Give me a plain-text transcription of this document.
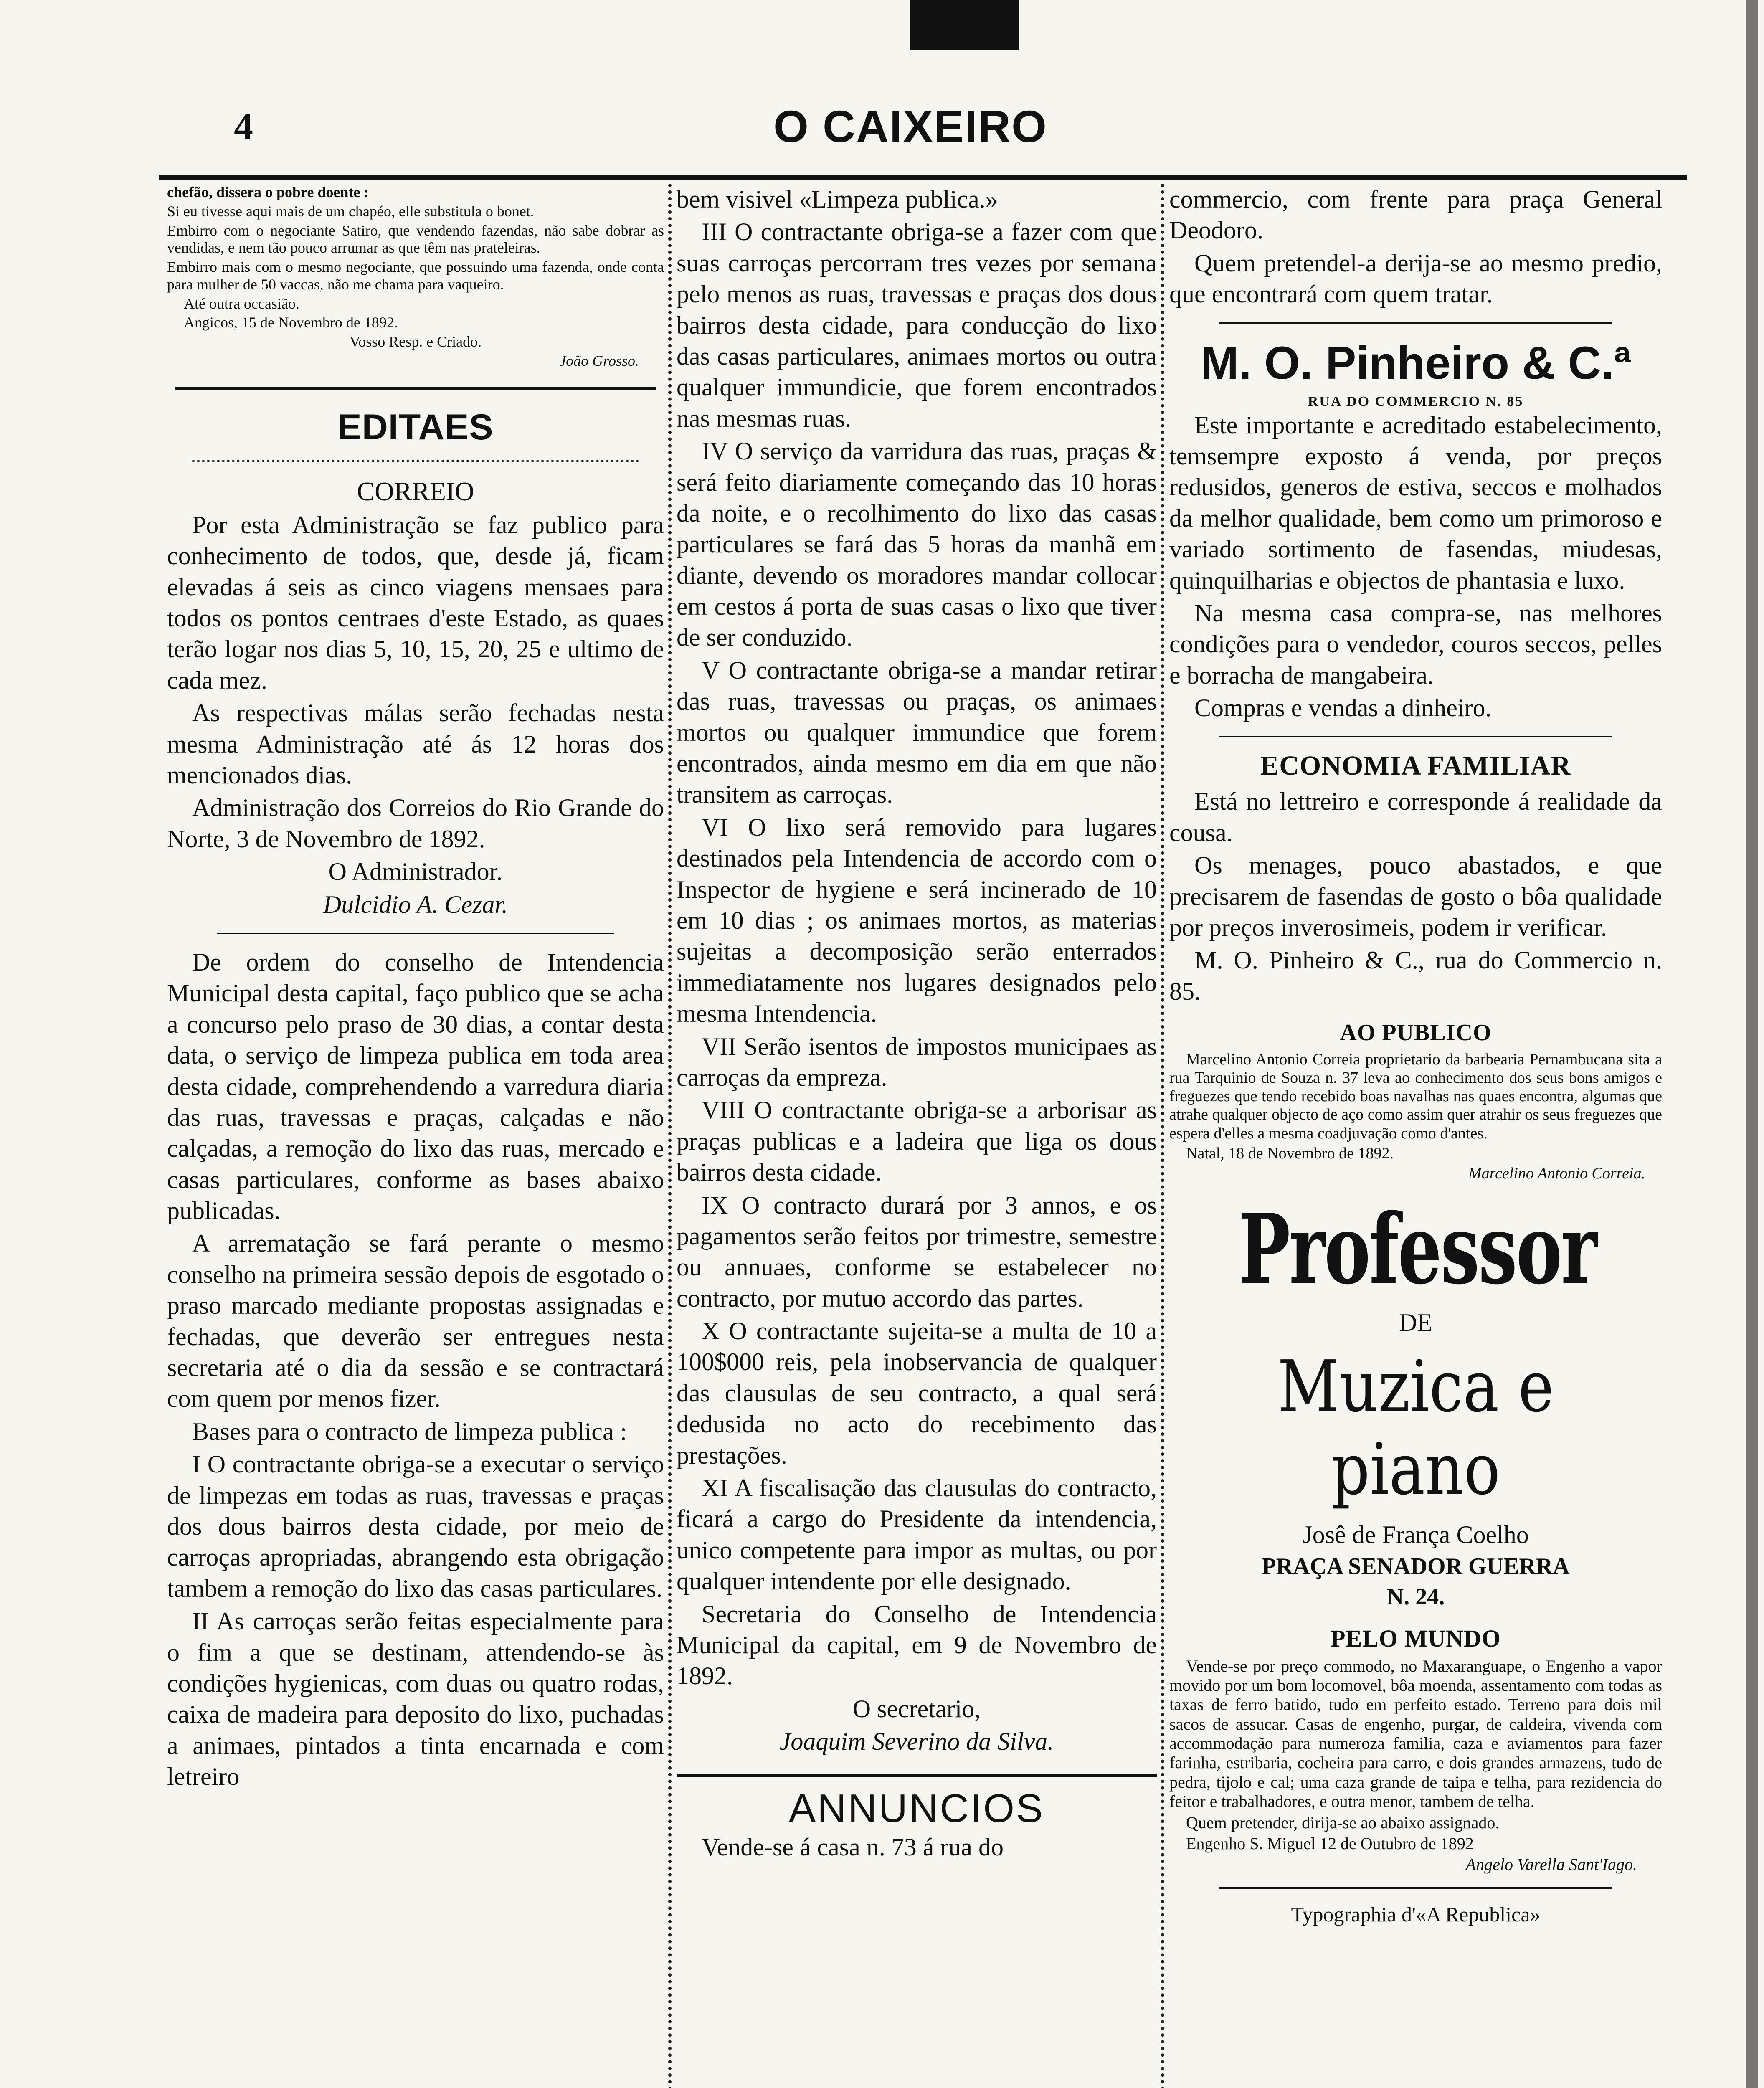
4	O CAIXEIRO

chefão, dissera o pobre doente :

Si eu tivesse aqui mais de um chapéo, elle substitula o bonet.

Embirro com o negociante Satiro, que vendendo fazendas, não sabe dobrar as vendidas, e nem tão pouco arrumar as que têm nas prateleiras.

Embirro mais com o mesmo negociante, que possuindo uma fazenda, onde conta para mulher de 50 vaccas, não me chama para vaqueiro.

Até outra occasião.

Angicos, 15 de Novembro de 1892.

Vosso Resp. e Criado.

João Grosso.

EDITAES

CORREIO

Por esta Administração se faz publico para conhecimento de todos, que, desde já, ficam elevadas á seis as cinco viagens mensaes para todos os pontos centraes d'este Estado, as quaes terão logar nos dias 5, 10, 15, 20, 25 e ultimo de cada mez.

As respectivas málas serão fechadas nesta mesma Administração até ás 12 horas dos mencionados dias.

Administração dos Correios do Rio Grande do Norte, 3 de Novembro de 1892.

O Administrador.

Dulcidio A. Cezar.

De ordem do conselho de Intendencia Municipal desta capital, faço publico que se acha a concurso pelo praso de 30 dias, a contar desta data, o serviço de limpeza publica em toda area desta cidade, comprehendendo a varredura diaria das ruas, travessas e praças, calçadas e não calçadas, a remoção do lixo das ruas, mercado e casas particulares, conforme as bases abaixo publicadas.

A arrematação se fará perante o mesmo conselho na primeira sessão depois de esgotado o praso marcado mediante propostas assignadas e fechadas, que deverão ser entregues nesta secretaria até o dia da sessão e se contractará com quem por menos fizer.

Bases para o contracto de limpeza publica :

I O contractante obriga-se a executar o serviço de limpezas em todas as ruas, travessas e praças dos dous bairros desta cidade, por meio de carroças apropriadas, abrangendo esta obrigação tambem a remoção do lixo das casas particulares.

II As carroças serão feitas especialmente para o fim a que se destinam, attendendo-se às condições hygienicas, com duas ou quatro rodas, caixa de madeira para deposito do lixo, puchadas a animaes, pintados a tinta encarnada e com letreiro

bem visivel «Limpeza publica.»

III O contractante obriga-se a fazer com que suas carroças percorram tres vezes por semana pelo menos as ruas, travessas e praças dos dous bairros desta cidade, para conducção do lixo das casas particulares, animaes mortos ou outra qualquer immundicie, que forem encontrados nas mesmas ruas.

IV O serviço da varridura das ruas, praças & será feito diariamente começando das 10 horas da noite, e o recolhimento do lixo das casas particulares se fará das 5 horas da manhã em diante, devendo os moradores mandar collocar em cestos á porta de suas casas o lixo que tiver de ser conduzido.

V O contractante obriga-se a mandar retirar das ruas, travessas ou praças, os animaes mortos ou qualquer immundice que forem encontrados, ainda mesmo em dia em que não transitem as carroças.

VI O lixo será removido para lugares destinados pela Intendencia de accordo com o Inspector de hygiene e será incinerado de 10 em 10 dias ; os animaes mortos, as materias sujeitas a decomposição serão enterrados immediatamente nos lugares designados pelo mesma Intendencia.

VII Serão isentos de impostos municipaes as carroças da empreza.

VIII O contractante obriga-se a arborisar as praças publicas e a ladeira que liga os dous bairros desta cidade.

IX O contracto durará por 3 annos, e os pagamentos serão feitos por trimestre, semestre ou annuaes, conforme se estabelecer no contracto, por mutuo accordo das partes.

X O contractante sujeita-se a multa de 10 a 100$000 reis, pela inobservancia de qualquer das clausulas de seu contracto, a qual será dedusida no acto do recebimento das prestações.

XI A fiscalisação das clausulas do contracto, ficará a cargo do Presidente da intendencia, unico competente para impor as multas, ou por qualquer intendente por elle designado.

Secretaria do Conselho de Intendencia Municipal da capital, em 9 de Novembro de 1892.

O secretario,

Joaquim Severino da Silva.

ANNUNCIOS

Vende-se á casa n. 73 á rua do

commercio, com frente para praça General Deodoro.

Quem pretendel-a derija-se ao mesmo predio, que encontrará com quem tratar.

M. O. Pinheiro & C.ª
RUA DO COMMERCIO N. 85

Este importante e acreditado estabelecimento, temsempre exposto á venda, por preços redusidos, generos de estiva, seccos e molhados da melhor qualidade, bem como um primoroso e variado sortimento de fasendas, miudesas, quinquilharias e objectos de phantasia e luxo.

Na mesma casa compra-se, nas melhores condições para o vendedor, couros seccos, pelles e borracha de mangabeira.

Compras e vendas a dinheiro.

ECONOMIA FAMILIAR

Está no lettreiro e corresponde á realidade da cousa.

Os menages, pouco abastados, e que precisarem de fasendas de gosto o bôa qualidade por preços inverosimeis, podem ir verificar.

M. O. Pinheiro & C., rua do Commercio n. 85.

AO PUBLICO

Marcelino Antonio Correia proprietario da barbearia Pernambucana sita a rua Tarquinio de Souza n. 37 leva ao conhecimento dos seus bons amigos e freguezes que tendo recebido boas navalhas nas quaes encontra, algumas que atrahe qualquer objecto de aço como assim quer atrahir os seus freguezes que espera d'elles a mesma coadjuvação como d'antes.

Natal, 18 de Novembro de 1892.

Marcelino Antonio Correia.

Professor
DE
Muzica e piano

Josê de França Coelho

PRAÇA SENADOR GUERRA

N. 24.

PELO MUNDO

Vende-se por preço commodo, no Maxaranguape, o Engenho a vapor movido por um bom locomovel, bôa moenda, assentamento com todas as taxas de ferro batido, tudo em perfeito estado. Terreno para dois mil sacos de assucar. Casas de engenho, purgar, de caldeira, vivenda com accommodação para numeroza familia, caza e aviamentos para fazer farinha, estribaria, cocheira para carro, e dois grandes armazens, tudo de pedra, tijolo e cal; uma caza grande de taipa e telha, para rezidencia do feitor e trabalhadores, e outra menor, tambem de telha.

Quem pretender, dirija-se ao abaixo assignado.

Engenho S. Miguel 12 de Outubro de 1892

Angelo Varella Sant'Iago.

Typographia d'«A Republica»
